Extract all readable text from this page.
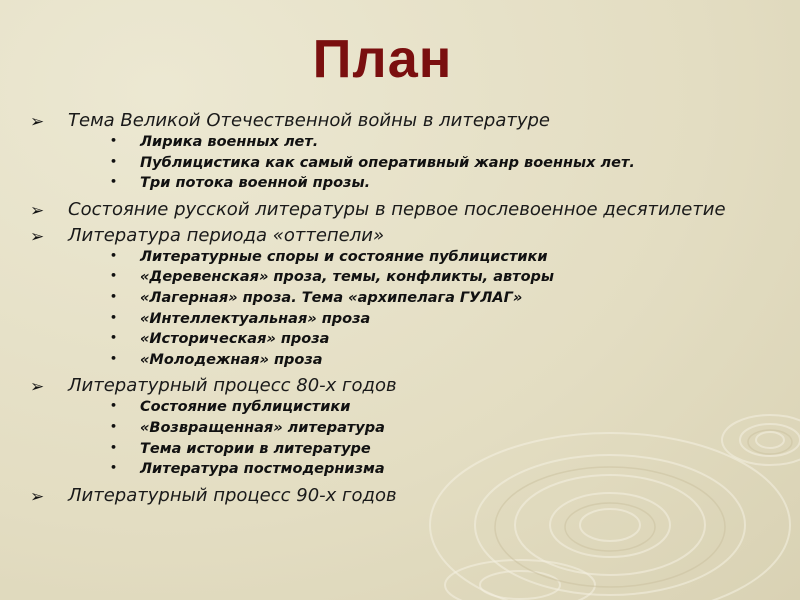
План
➢ Тема Великой Отечественной войны в литературе
• Лирика военных лет.
• Публицистика как самый оперативный жанр военных лет.
• Три потока военной прозы.
➢ Состояние русской литературы в первое послевоенное десятилетие
➢ Литература периода «оттепели»
• Литературные споры и состояние публицистики
• «Деревенская» проза, темы, конфликты, авторы
• «Лагерная» проза. Тема «архипелага ГУЛАГ»
• «Интеллектуальная» проза
• «Историческая» проза
• «Молодежная» проза
➢ Литературный процесс 80-х годов
• Состояние публицистики
• «Возвращенная» литература
• Тема истории в литературе
• Литература постмодернизма
➢ Литературный процесс 90-х годов
